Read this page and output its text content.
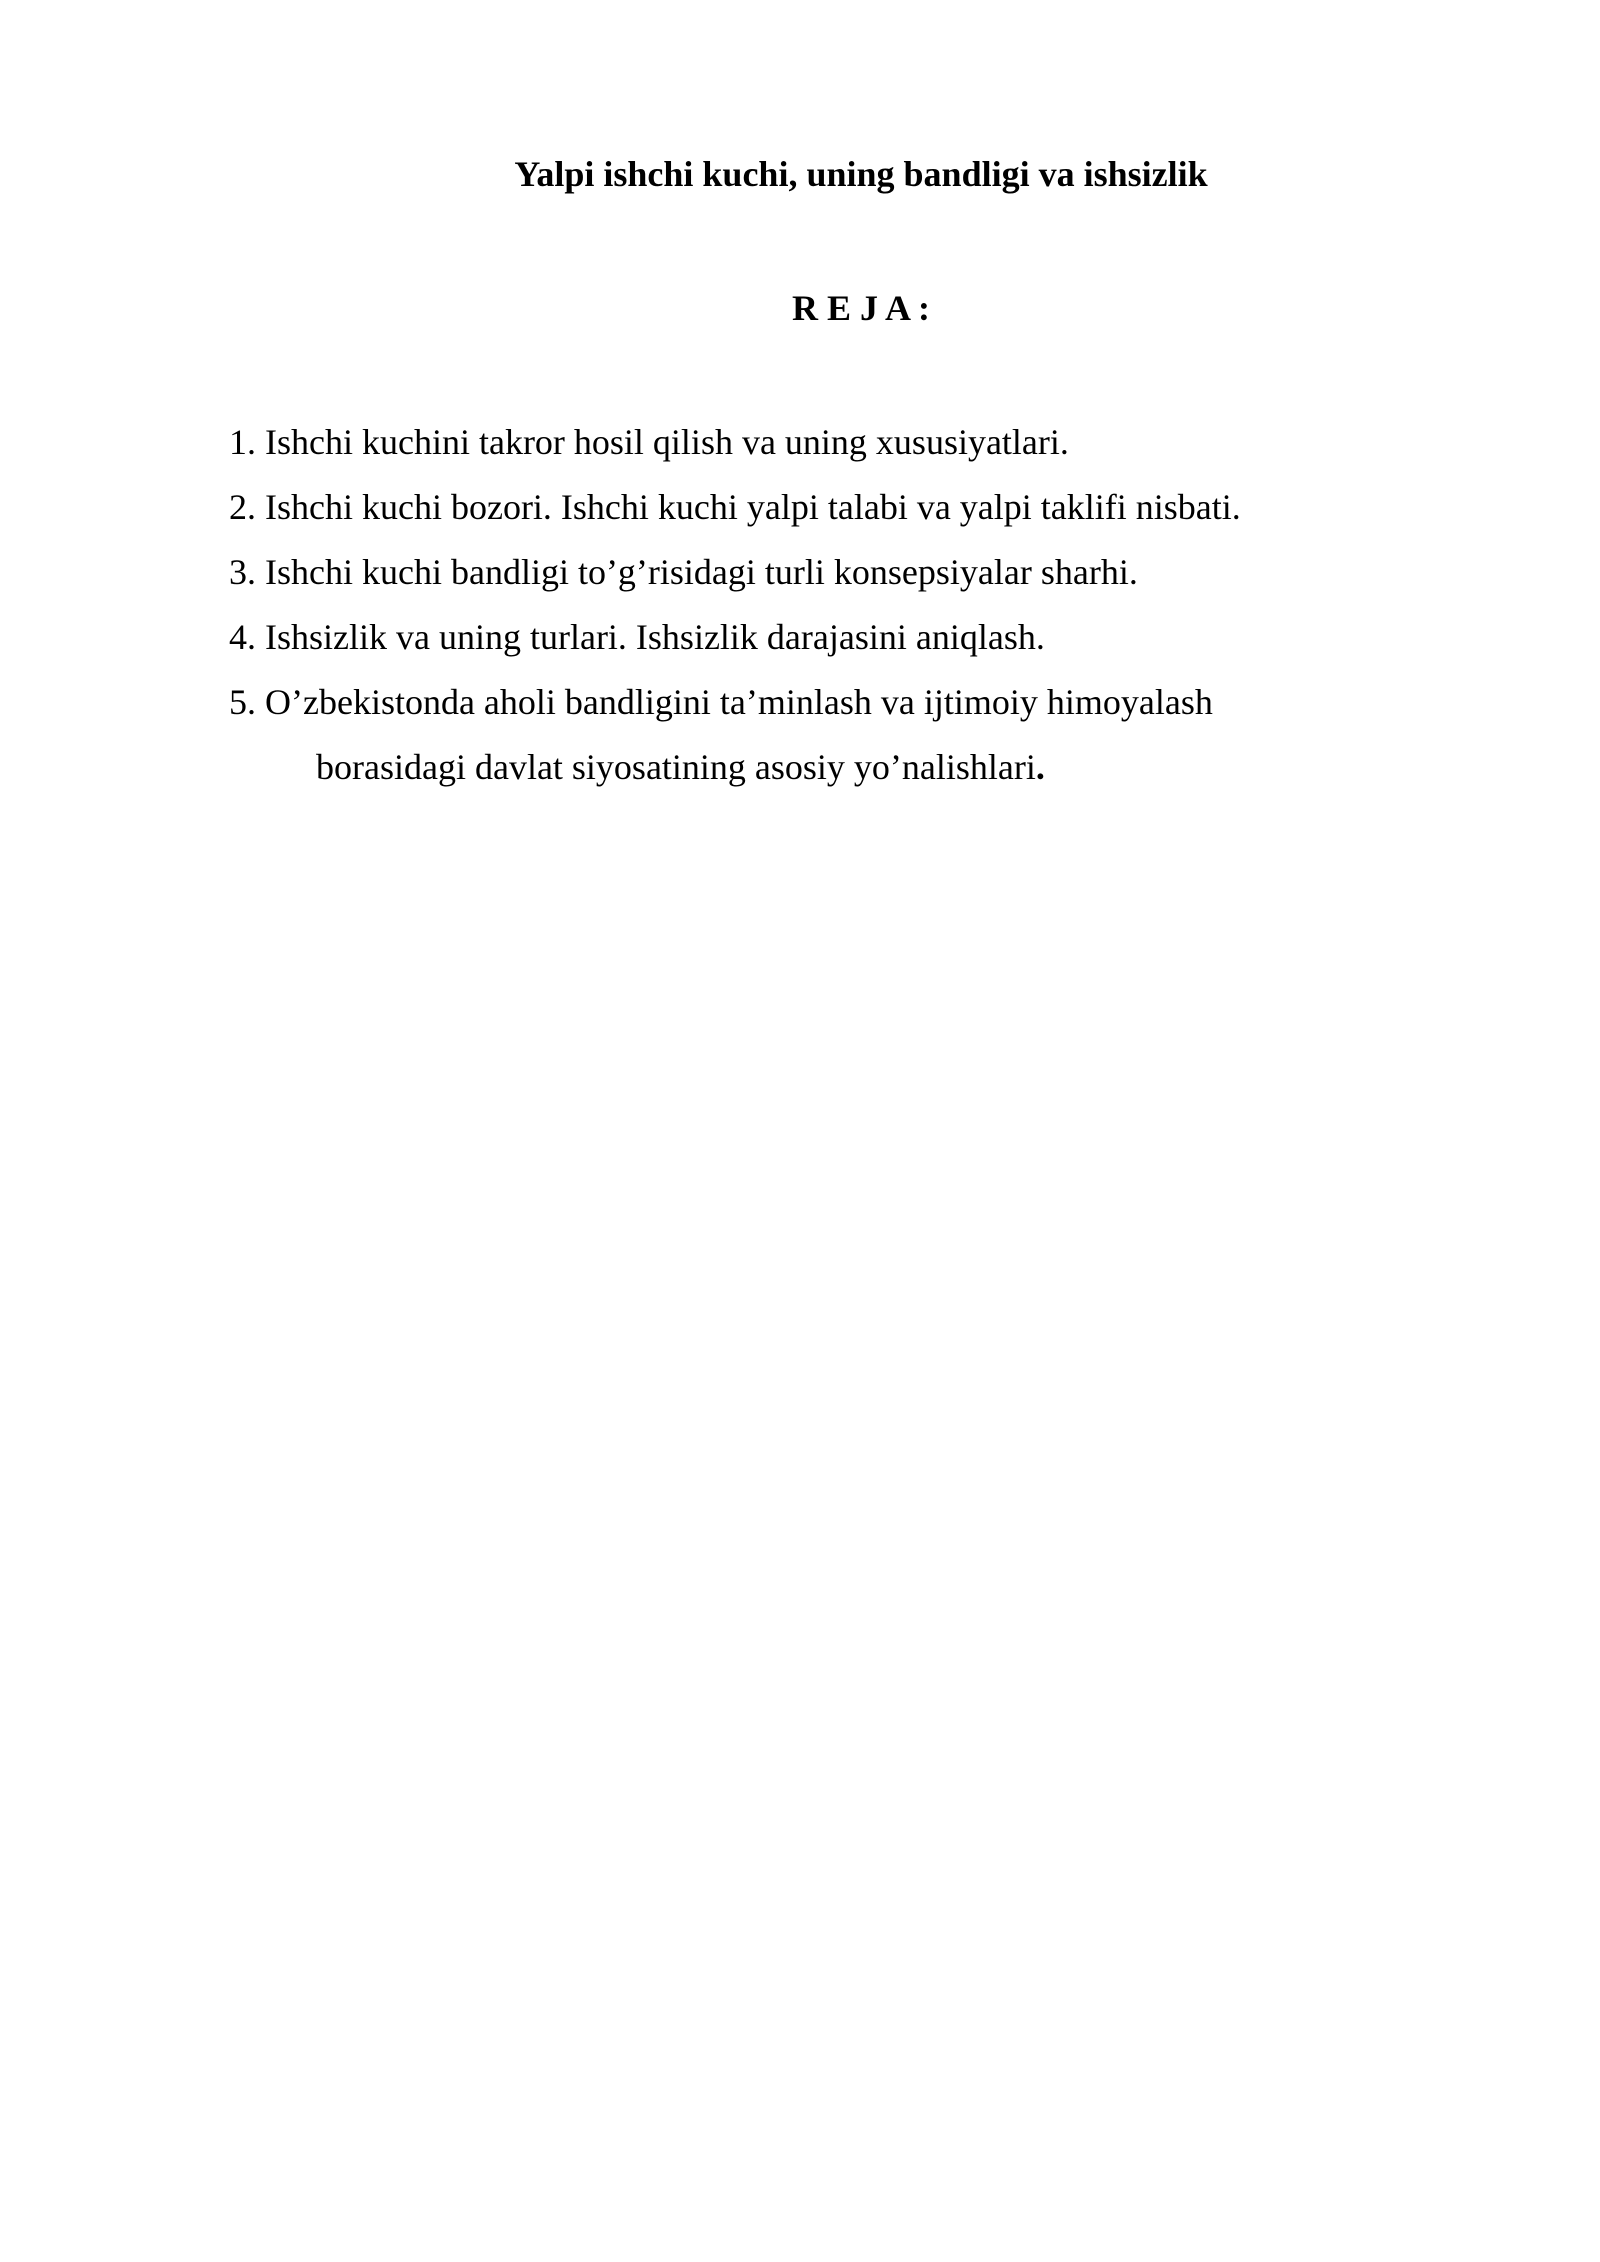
Yalpi ishchi kuchi, uning bandligi va ishsizlik
R E J A :
1. Ishchi kuchini takror hosil qilish va uning xususiyatlari.
2. Ishchi kuchi bozori. Ishchi kuchi yalpi talabi va yalpi taklifi nisbati.
3. Ishchi kuchi bandligi to’g’risidagi turli konsepsiyalar sharhi.
4. Ishsizlik va uning turlari. Ishsizlik darajasini aniqlash.
5. O’zbekistonda aholi bandligini ta’minlash va ijtimoiy himoyalash
borasidagi davlat siyosatining asosiy yo’nalishlari.
